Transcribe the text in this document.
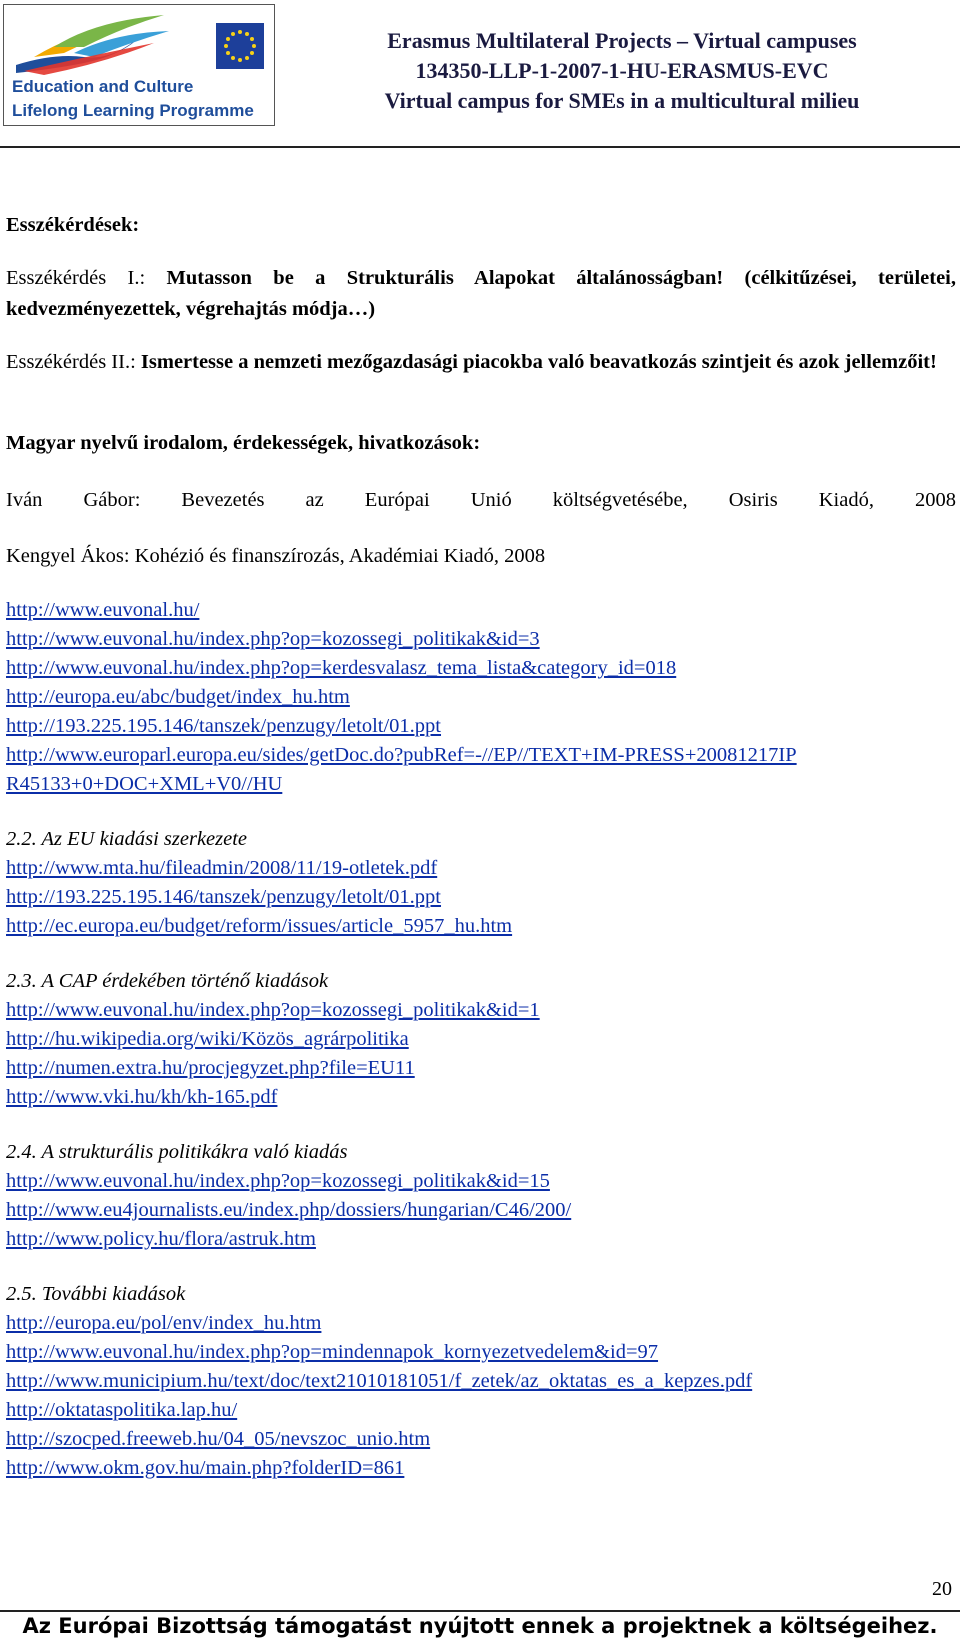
Education and Culture
Lifelong Learning Programme
Erasmus Multilateral Projects – Virtual campuses
134350-LLP-1-2007-1-HU-ERASMUS-EVC
Virtual campus for SMEs in a multicultural milieu

Esszékérdések:

Esszékérdés I.: Mutasson be a Strukturális Alapokat általánosságban! (célkitűzései, területei, kedvezményezettek, végrehajtás módja…)

Esszékérdés II.: Ismertesse a nemzeti mezőgazdasági piacokba való beavatkozás szintjeit és azok jellemzőit!

Magyar nyelvű irodalom, érdekességek, hivatkozások:

Iván Gábor: Bevezetés az Európai Unió költségvetésébe, Osiris Kiadó, 2008

Kengyel Ákos: Kohézió és finanszírozás, Akadémiai Kiadó, 2008

http://www.euvonal.hu/
http://www.euvonal.hu/index.php?op=kozossegi_politikak&id=3
http://www.euvonal.hu/index.php?op=kerdesvalasz_tema_lista&category_id=018
http://europa.eu/abc/budget/index_hu.htm
http://193.225.195.146/tanszek/penzugy/letolt/01.ppt
http://www.europarl.europa.eu/sides/getDoc.do?pubRef=-//EP//TEXT+IM-PRESS+20081217IPR45133+0+DOC+XML+V0//HU
2.2. Az EU kiadási szerkezete
http://www.mta.hu/fileadmin/2008/11/19-otletek.pdf
http://193.225.195.146/tanszek/penzugy/letolt/01.ppt
http://ec.europa.eu/budget/reform/issues/article_5957_hu.htm
2.3. A CAP érdekében történő kiadások
http://www.euvonal.hu/index.php?op=kozossegi_politikak&id=1
http://hu.wikipedia.org/wiki/Közös_agrárpolitika
http://numen.extra.hu/procjegyzet.php?file=EU11
http://www.vki.hu/kh/kh-165.pdf
2.4. A strukturális politikákra való kiadás
http://www.euvonal.hu/index.php?op=kozossegi_politikak&id=15
http://www.eu4journalists.eu/index.php/dossiers/hungarian/C46/200/
http://www.policy.hu/flora/astruk.htm
2.5. További kiadások
http://europa.eu/pol/env/index_hu.htm
http://www.euvonal.hu/index.php?op=mindennapok_kornyezetvedelem&id=97
http://www.municipium.hu/text/doc/text21010181051/f_zetek/az_oktatas_es_a_kepzes.pdf
http://oktataspolitika.lap.hu/
http://szocped.freeweb.hu/04_05/nevszoc_unio.htm
http://www.okm.gov.hu/main.php?folderID=861
20
Az Európai Bizottság támogatást nyújtott ennek a projektnek a költségeihez.
